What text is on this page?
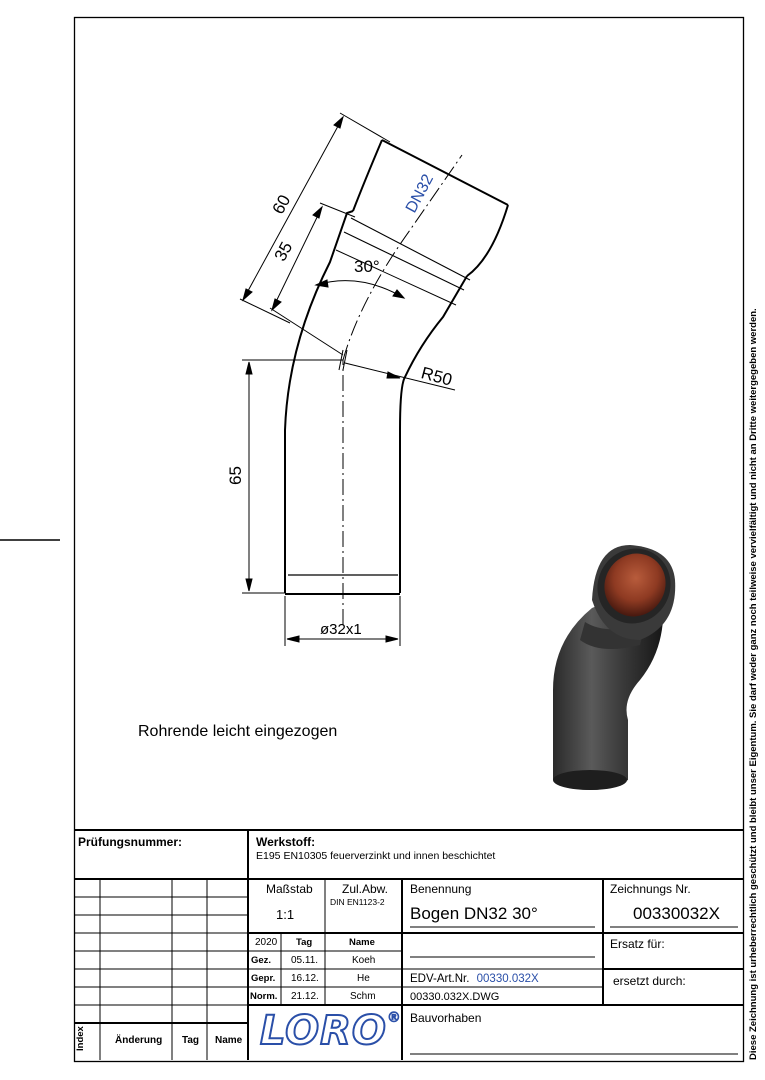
60
35
65
30°
R50
DN32
ø32x1
Rohrende leicht eingezogen	Diese Zeichnung ist urheberrechtlich geschützt und bleibt unser Eigentum. Sie darf weder ganz noch teilweise vervielfältigt und nicht an Dritte weitergegeben werden.
Prüfungsnummer:	Werkstoff:
E195 EN10305 feuerverzinkt und innen beschichtet
Maßstab
1:1
Zul.Abw.
DIN EN1123-2
Benennung
Bogen DN32 30°
Zeichnungs Nr.
00330032X
2020 Tag	Name
Gez. 05.11.	Koeh
Gepr. 16.12.	He
Norm. 21.12.	Schm
Ersatz für:
ersetzt durch:
EDV-Art.Nr. 00330.032X
00330.032X.DWG
Bauvorhaben
LORO®
Index	Änderung Tag Name
